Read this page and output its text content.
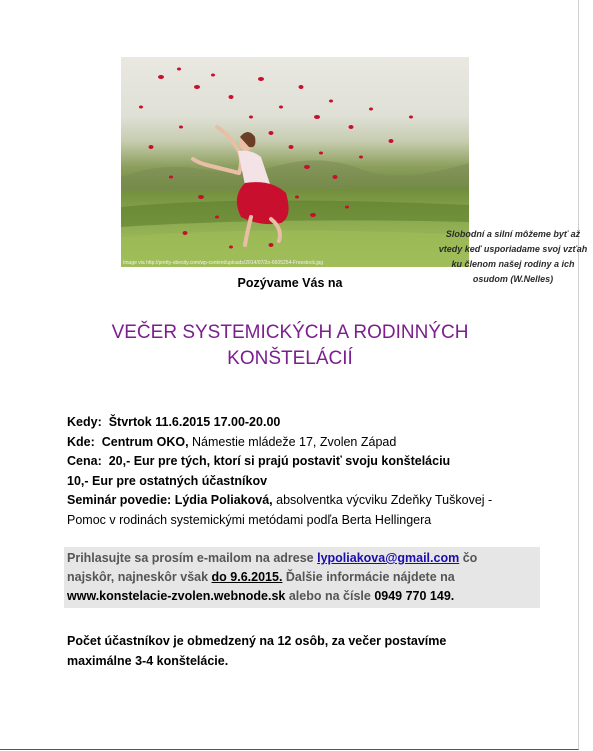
Slobodní a silní môžeme byť až
vtedy keď usporiadame svoj vzťah
ku členom našej rodiny a ich
osudom (W.Nelles)
Image via http://pretty-obesity.com/wp-content/uploads/2014/07/2o-6605254-Freestock.jpg
Pozývame Vás na
VEČER SYSTEMICKÝCH A RODINNÝCH
KONŠTELÁCIÍ
Kedy: Štvrtok 11.6.2015 17.00-20.00
Kde: Centrum OKO, Námestie mládeže 17, Zvolen Západ
Cena: 20,- Eur pre tých, ktorí si prajú postaviť svoju konšteláciu
10,- Eur pre ostatných účastníkov
Seminár povedie: Lýdia Poliaková, absolventka výcviku Zdeňky Tuškovej -
Pomoc v rodinách systemickými metódami podľa Berta Hellingera
Prihlasujte sa prosím e-mailom na adrese lypoliakova@gmail.com čo
najskôr, najneskôr však do 9.6.2015. Ďalšie informácie nájdete na
www.konstelacie-zvolen.webnode.sk alebo na čísle 0949 770 149.
Počet účastníkov je obmedzený na 12 osôb, za večer postavíme
maximálne 3-4 konštelácie.
